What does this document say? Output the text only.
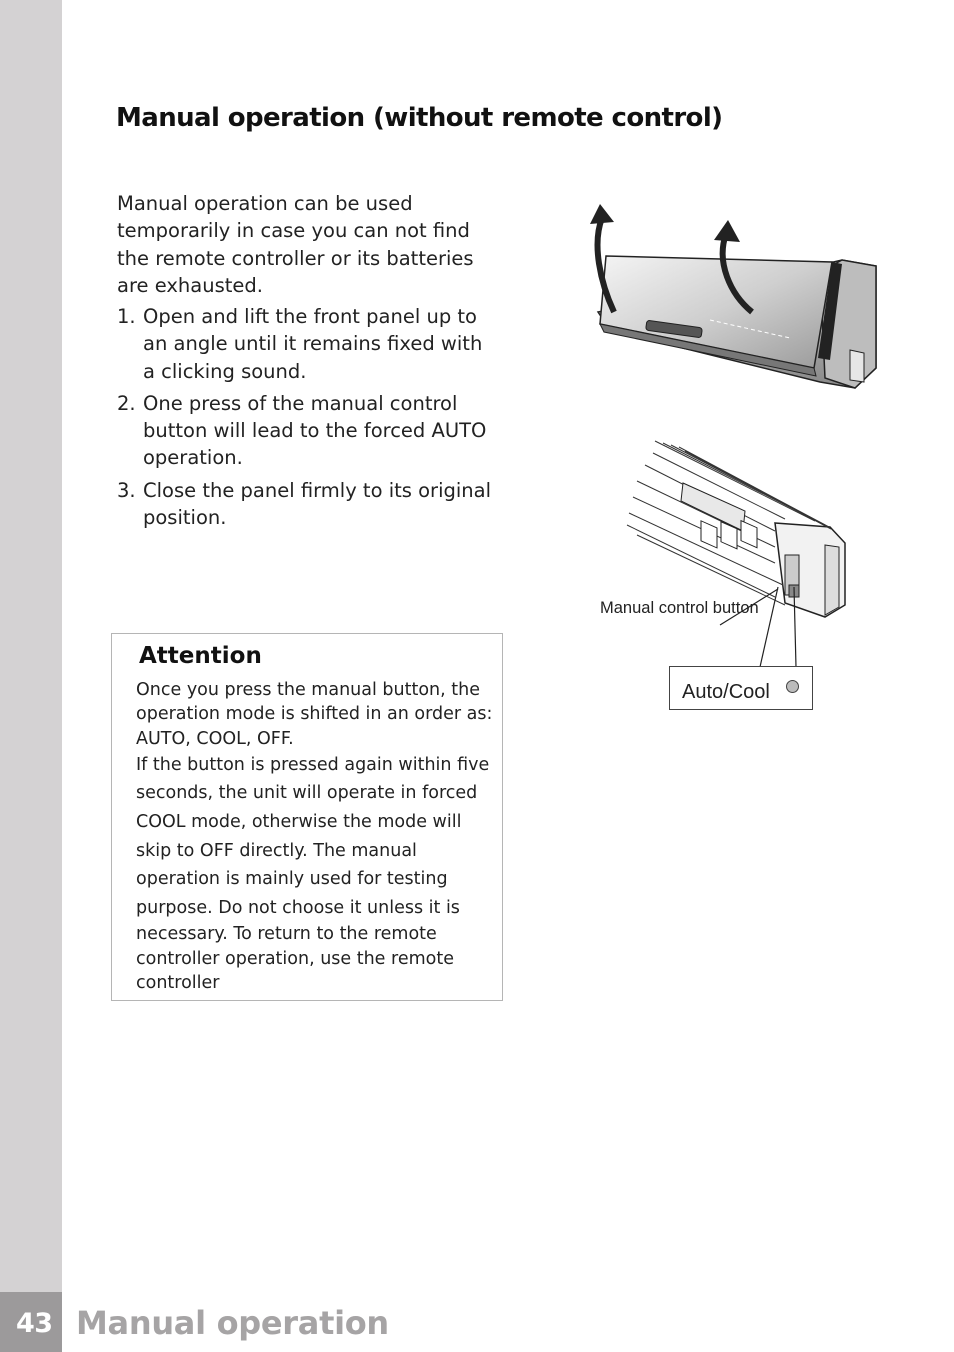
43 Manual operation
Manual operation (without remote control)
Manual operation can be used temporarily in case you can not find the remote controller or its batteries are exhausted.
1. Open and lift the front panel up to an angle until it remains fixed with a clicking sound.
2. One press of the manual control button will lead to the forced AUTO operation.
3. Close the panel firmly to its original position.
Attention

Once you press the manual button, the operation mode is shifted in an order as: AUTO, COOL, OFF.

If the button is pressed again within five seconds, the unit will operate in forced COOL mode, otherwise the mode will skip to OFF directly. The manual operation is mainly used for testing purpose. Do not choose it unless it is

necessary. To return to the remote controller operation, use the remote controller

Manual control button
Auto/Cool
